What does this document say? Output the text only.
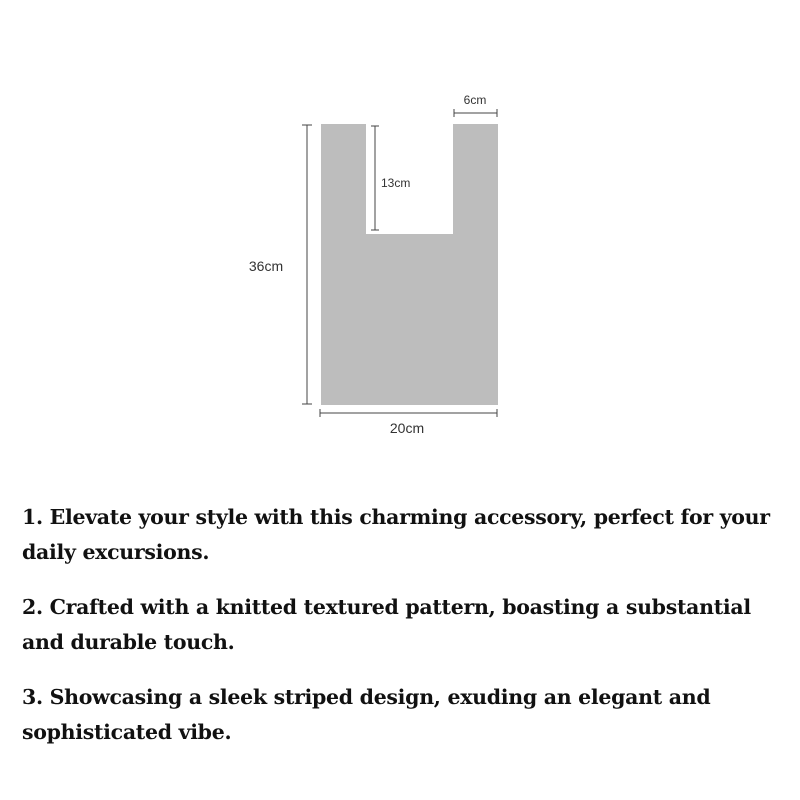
36cm
13cm
6cm
20cm
1. Elevate your style with this charming accessory, perfect for your daily excursions.
2. Crafted with a knitted textured pattern, boasting a substantial and durable touch.
3. Showcasing a sleek striped design, exuding an elegant and sophisticated vibe.
